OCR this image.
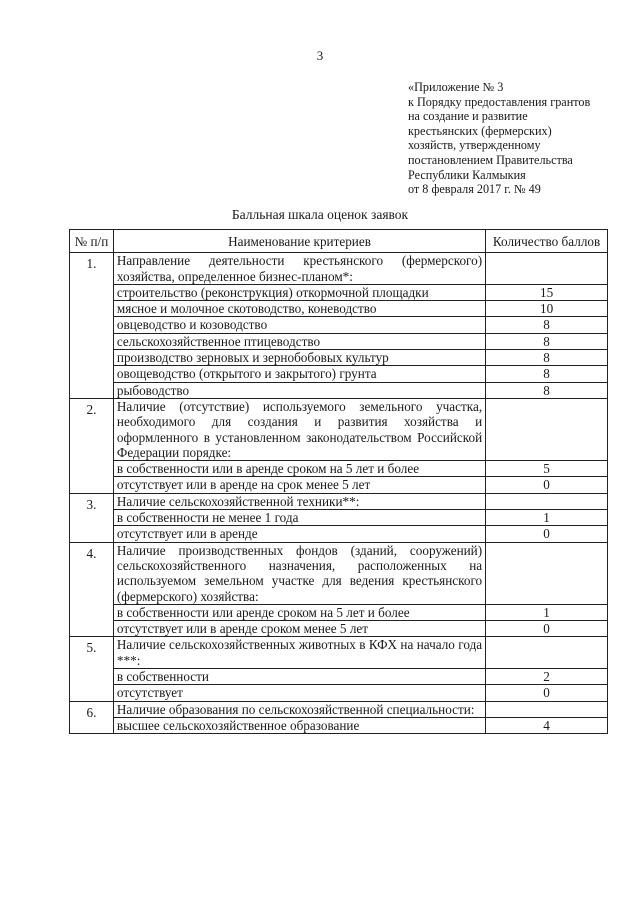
3
«Приложение № 3
к Порядку предоставления грантов
на создание и развитие
крестьянских (фермерских)
хозяйств, утвержденному
постановлением Правительства
Республики Калмыкия
от 8 февраля 2017 г. № 49
Балльная шкала оценок заявок
№ п/п	Наименование критериев	Количество баллов
1.	Направление деятельности крестьянского (фермерского) хозяйства, определенное бизнес-планом*:	
	строительство (реконструкция) откормочной площадки	15
	мясное и молочное скотоводство, коневодство	10
	овцеводство и козоводство	8
	сельскохозяйственное птицеводство	8
	производство зерновых и зернобобовых культур	8
	овощеводство (открытого и закрытого) грунта	8
	рыбоводство	8
2.	Наличие (отсутствие) используемого земельного участка, необходимого для создания и развития хозяйства и оформленного в установленном законодательством Российской Федерации порядке:	
	в собственности или в аренде сроком на 5 лет и более	5
	отсутствует или в аренде на срок менее 5 лет	0
3.	Наличие сельскохозяйственной техники**:	
	в собственности не менее 1 года	1
	отсутствует или в аренде	0
4.	Наличие производственных фондов (зданий, сооружений) сельскохозяйственного назначения, расположенных на используемом земельном участке для ведения крестьянского (фермерского) хозяйства:	
	в собственности или аренде сроком на 5 лет и более	1
	отсутствует или в аренде сроком менее 5 лет	0
5.	Наличие сельскохозяйственных животных в КФХ на начало года ***:	
	в собственности	2
	отсутствует	0
6.	Наличие образования по сельскохозяйственной специальности:	
	высшее сельскохозяйственное образование	4
